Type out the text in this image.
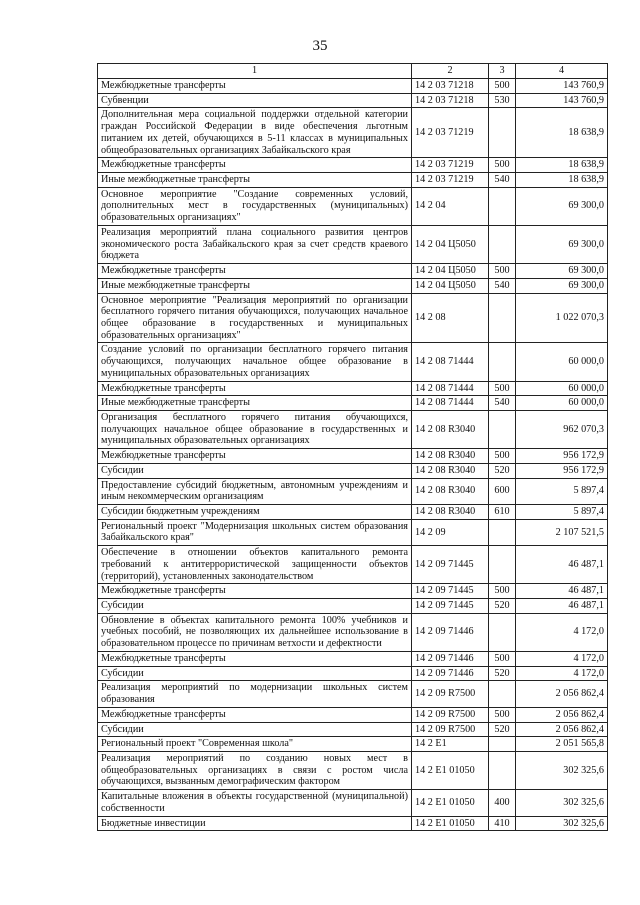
35
1	2	3	4

Межбюджетные трансферты	14 2 03 71218	500	143 760,9

Субвенции	14 2 03 71218	530	143 760,9

Дополнительная мера социальной поддержки отдельной категории граждан Российской Федерации в виде обеспечения льготным питанием их детей, обучающихся в 5-11 классах в муниципальных общеобразовательных организациях Забайкальского края	14 2 03 71219		18 638,9

Межбюджетные трансферты	14 2 03 71219	500	18 638,9

Иные межбюджетные трансферты	14 2 03 71219	540	18 638,9

Основное мероприятие "Создание современных условий, дополнительных мест в государственных (муниципальных) образовательных организациях"	14 2 04		69 300,0

Реализация мероприятий плана социального развития центров экономического роста Забайкальского края за счет средств краевого бюджета	14 2 04 Ц5050		69 300,0

Межбюджетные трансферты	14 2 04 Ц5050	500	69 300,0

Иные межбюджетные трансферты	14 2 04 Ц5050	540	69 300,0

Основное мероприятие "Реализация мероприятий по организации бесплатного горячего питания обучающихся, получающих начальное общее образование в государственных и муниципальных образовательных организациях"	14 2 08		1 022 070,3

Создание условий по организации бесплатного горячего питания обучающихся, получающих начальное общее образование в муниципальных образовательных организациях	14 2 08 71444		60 000,0

Межбюджетные трансферты	14 2 08 71444	500	60 000,0

Иные межбюджетные трансферты	14 2 08 71444	540	60 000,0

Организация бесплатного горячего питания обучающихся, получающих начальное общее образование в государственных и муниципальных образовательных организациях	14 2 08 R3040		962 070,3

Межбюджетные трансферты	14 2 08 R3040	500	956 172,9

Субсидии	14 2 08 R3040	520	956 172,9

Предоставление субсидий бюджетным, автономным учреждениям и иным некоммерческим организациям	14 2 08 R3040	600	5 897,4

Субсидии бюджетным учреждениям	14 2 08 R3040	610	5 897,4

Региональный проект "Модернизация школьных систем образования Забайкальского края"	14 2 09		2 107 521,5

Обеспечение в отношении объектов капитального ремонта требований к антитеррористической защищенности объектов (территорий), установленных законодательством	14 2 09 71445		46 487,1

Межбюджетные трансферты	14 2 09 71445	500	46 487,1

Субсидии	14 2 09 71445	520	46 487,1

Обновление в объектах капитального ремонта 100% учебников и учебных пособий, не позволяющих их дальнейшее использование в образовательном процессе по причинам ветхости и дефектности	14 2 09 71446		4 172,0

Межбюджетные трансферты	14 2 09 71446	500	4 172,0

Субсидии	14 2 09 71446	520	4 172,0

Реализация мероприятий по модернизации школьных систем образования	14 2 09 R7500		2 056 862,4

Межбюджетные трансферты	14 2 09 R7500	500	2 056 862,4

Субсидии	14 2 09 R7500	520	2 056 862,4

Региональный проект "Современная школа"	14 2 E1		2 051 565,8

Реализация мероприятий по созданию новых мест в общеобразовательных организациях в связи с ростом числа обучающихся, вызванным демографическим фактором	14 2 E1 01050		302 325,6

Капитальные вложения в объекты государственной (муниципальной) собственности	14 2 E1 01050	400	302 325,6

Бюджетные инвестиции	14 2 E1 01050	410	302 325,6
